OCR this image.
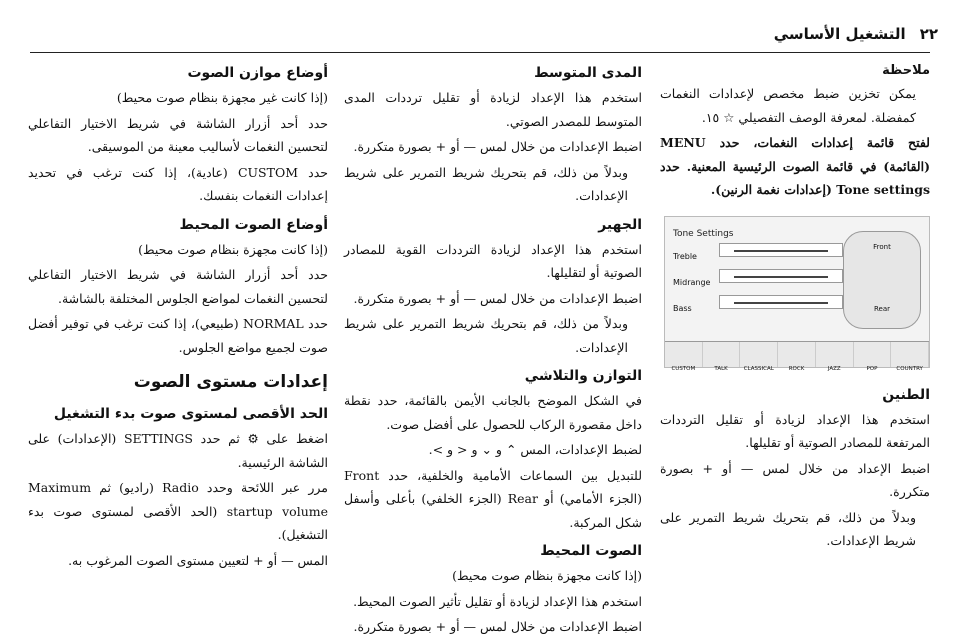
٢٢
التشغيل الأساسي
ملاحظة
يمكن تخزين ضبط مخصص لإعدادات النغمات كمفضلة. لمعرفة الوصف التفصيلي ☆ ١٥.
لفتح قائمة إعدادات النغمات، حدد MENU (القائمة) في قائمة الصوت الرئيسية المعنية. حدد Tone settings (إعدادات نغمة الرنين).
Tone Settings
Treble
Midrange
Bass
Front
Rear
CUSTOM	TALK	CLASSICAL	ROCK	JAZZ	POP	COUNTRY
الطنين
استخدم هذا الإعداد لزيادة أو تقليل الترددات المرتفعة للمصادر الصوتية أو تقليلها.
اضبط الإعداد من خلال لمس — أو + بصورة متكررة.
وبدلاً من ذلك، قم بتحريك شريط التمرير على شريط الإعدادات.
المدى المتوسط
استخدم هذا الإعداد لزيادة أو تقليل ترددات المدى المتوسط للمصدر الصوتي.
اضبط الإعدادات من خلال لمس — أو + بصورة متكررة.
وبدلاً من ذلك، قم بتحريك شريط التمرير على شريط الإعدادات.
الجهير
استخدم هذا الإعداد لزيادة الترددات القوية للمصادر الصوتية أو لتقليلها.
اضبط الإعدادات من خلال لمس — أو + بصورة متكررة.
وبدلاً من ذلك، قم بتحريك شريط التمرير على شريط الإعدادات.
التوازن والتلاشي
في الشكل الموضح بالجانب الأيمن بالقائمة، حدد نقطة داخل مقصورة الركاب للحصول على أفضل صوت.
لضبط الإعدادات، المس ⌃ و ⌄ و < و >.
للتبديل بين السماعات الأمامية والخلفية، حدد Front (الجزء الأمامي) أو Rear (الجزء الخلفي) بأعلى وأسفل شكل المركبة.
الصوت المحيط
(إذا كانت مجهزة بنظام صوت محيط)
استخدم هذا الإعداد لزيادة أو تقليل تأثير الصوت المحيط.
اضبط الإعدادات من خلال لمس — أو + بصورة متكررة.
أوضاع موازن الصوت
(إذا كانت غير مجهزة بنظام صوت محيط)
حدد أحد أزرار الشاشة في شريط الاختيار التفاعلي لتحسين النغمات لأساليب معينة من الموسيقى.
حدد CUSTOM (عادية)، إذا كنت ترغب في تحديد إعدادات النغمات بنفسك.
أوضاع الصوت المحيط
(إذا كانت مجهزة بنظام صوت محيط)
حدد أحد أزرار الشاشة في شريط الاختيار التفاعلي لتحسين النغمات لمواضع الجلوس المختلفة بالشاشة.
حدد NORMAL (طبيعي)، إذا كنت ترغب في توفير أفضل صوت لجميع مواضع الجلوس.
إعدادات مستوى الصوت
الحد الأقصى لمستوى صوت بدء التشغيل
اضغط على ⚙ ثم حدد SETTINGS (الإعدادات) على الشاشة الرئيسية.
مرر عبر اللائحة وحدد Radio (راديو) ثم Maximum startup volume (الحد الأقصى لمستوى صوت بدء التشغيل).
المس — أو + لتعيين مستوى الصوت المرغوب به.
